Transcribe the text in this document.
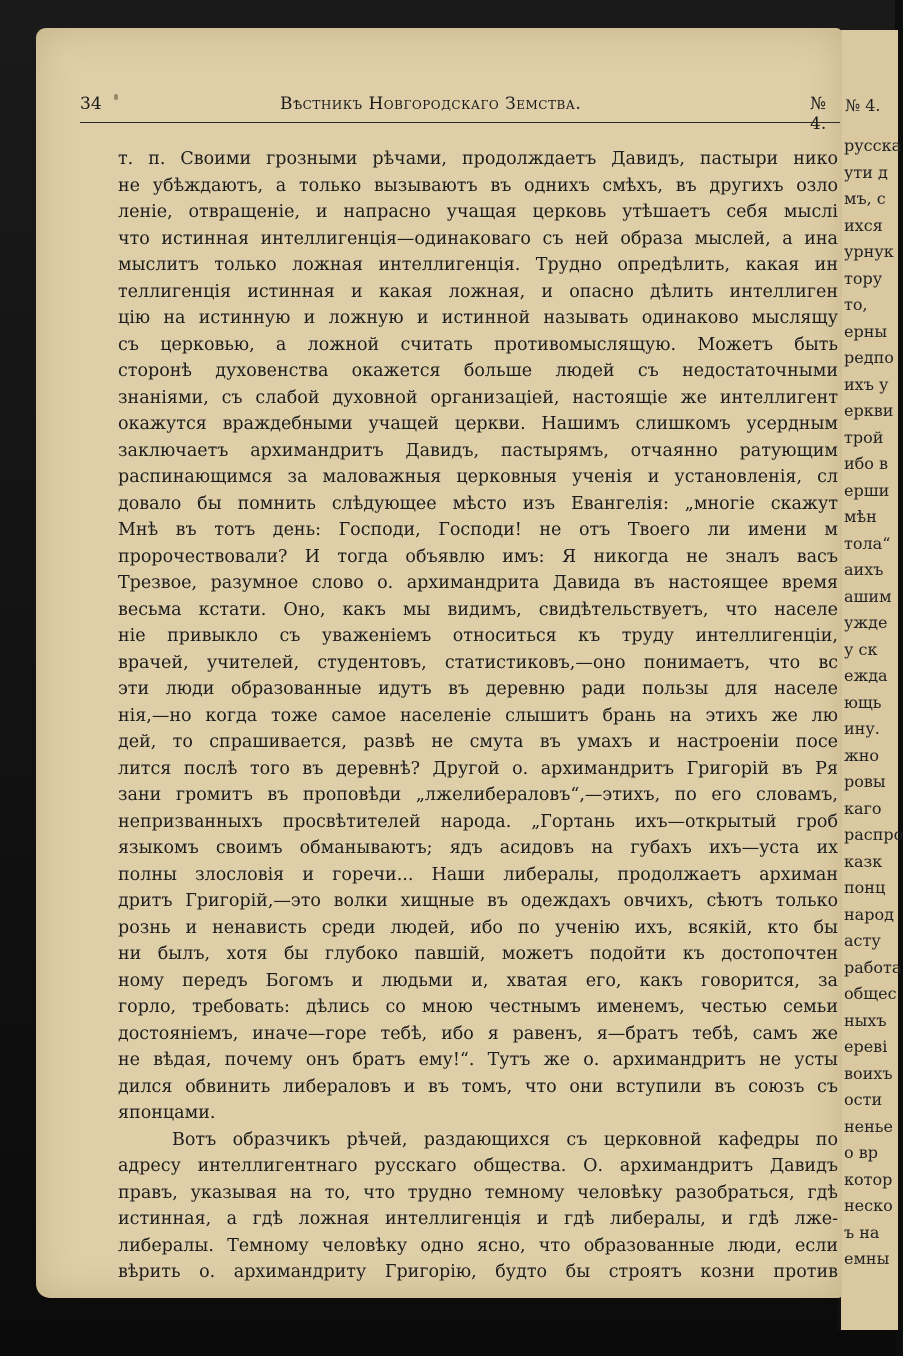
№ 4.
русска
ути д
мъ, с
ихся
урнук
тору
то,
ерны
редпо
ихъ у
еркви
трой
ибо в
ерши
мѣн
тола“
аихъ
ашим
ужде
у ск
ежда
ющь
ину.
жно
ровы
каго
распро
казк
понц
народ
асту
работа
общес
ныхъ
ереві
воихъ
ости
ненье
о вр
котор
неско
ъ на
емны
34	Вѣстникъ Новгородскаго Земства.	№ 4.
т. п. Своими грозными рѣчами, продолждаетъ Давидъ, пастыри нико
не убѣждаютъ, а только вызываютъ въ однихъ смѣхъ, въ другихъ озло
леніе, отвращеніе, и напрасно учащая церковь утѣшаетъ себя мыслі
что истинная интеллигенція—одинаковаго съ ней образа мыслей, а ина
мыслитъ только ложная интеллигенція. Трудно опредѣлить, какая ин
теллигенція истинная и какая ложная, и опасно дѣлить интеллиген
цію на истинную и ложную и истинной называть одинаково мыслящу
съ церковью, а ложной считать противомыслящую. Можетъ быть
сторонѣ духовенства окажется больше людей съ недостаточными
знаніями, съ слабой духовной организаціей, настоящіе же интеллигент
окажутся враждебными учащей церкви. Нашимъ слишкомъ усердным
заключаетъ архимандритъ Давидъ, пастырямъ, отчаянно ратующим
распинающимся за маловажныя церковныя ученія и установленія, сл
довало бы помнить слѣдующее мѣсто изъ Евангелія: „многіе скажут
Мнѣ въ тотъ день: Господи, Господи! не отъ Твоего ли имени м
пророчествовали? И тогда объявлю имъ: Я никогда не зналъ васъ
Трезвое, разумное слово о. архимандрита Давида въ настоящее время
весьма кстати. Оно, какъ мы видимъ, свидѣтельствуетъ, что населе
ніе привыкло съ уваженіемъ относиться къ труду интеллигенціи,
врачей, учителей, студентовъ, статистиковъ,—оно понимаетъ, что вс
эти люди образованные идутъ въ деревню ради пользы для населе
нія,—но когда тоже самое населеніе слышитъ брань на этихъ же лю
дей, то спрашивается, развѣ не смута въ умахъ и настроеніи посе
лится послѣ того въ деревнѣ? Другой о. архимандритъ Григорій въ Ря
зани громитъ въ проповѣди „лжелибераловъ“,—этихъ, по его словамъ,
непризванныхъ просвѣтителей народа. „Гортань ихъ—открытый гроб
языкомъ своимъ обманываютъ; ядъ асидовъ на губахъ ихъ—уста их
полны злословія и горечи... Наши либералы, продолжаетъ архиман
дритъ Григорій,—это волки хищные въ одеждахъ овчихъ, сѣютъ только
рознь и ненависть среди людей, ибо по ученію ихъ, всякій, кто бы
ни былъ, хотя бы глубоко павшій, можетъ подойти къ достопочтен
ному передъ Богомъ и людьми и, хватая его, какъ говорится, за
горло, требовать: дѣлись со мною честнымъ именемъ, честью семьи
достояніемъ, иначе—горе тебѣ, ибо я равенъ, я—братъ тебѣ, самъ же
не вѣдая, почему онъ братъ ему!“. Тутъ же о. архимандритъ не усты
дился обвинить либераловъ и въ томъ, что они вступили въ союзъ съ
японцами.
Вотъ образчикъ рѣчей, раздающихся съ церковной кафедры по
адресу интеллигентнаго русскаго общества. О. архимандритъ Давидъ
правъ, указывая на то, что трудно темному человѣку разобраться, гдѣ
истинная, а гдѣ ложная интеллигенція и гдѣ либералы, и гдѣ лже-
либералы. Темному человѣку одно ясно, что образованные люди, если
вѣрить о. архимандриту Григорію, будто бы строятъ козни против
